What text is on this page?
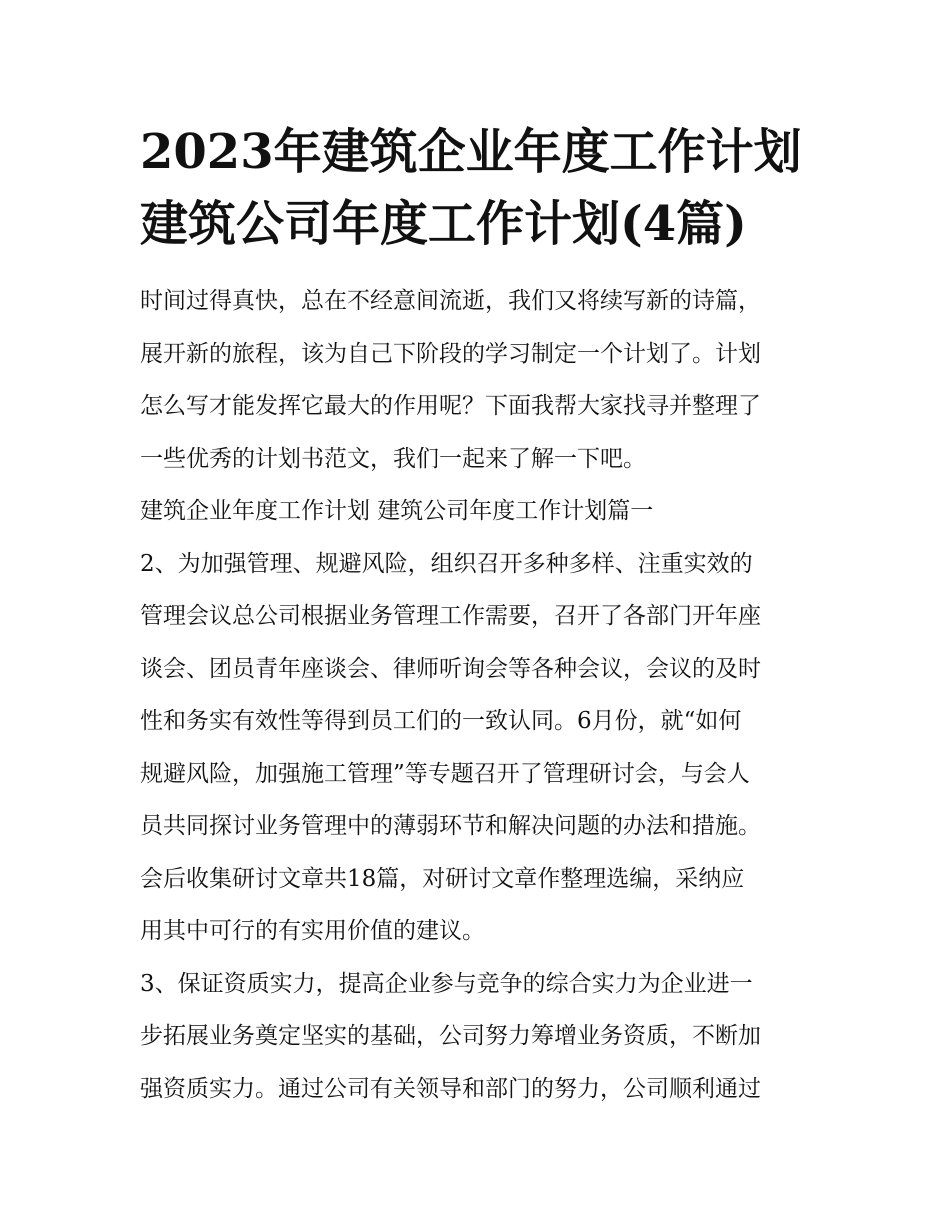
2023年建筑企业年度工作计划
建筑公司年度工作计划(4篇)

时间过得真快，总在不经意间流逝，我们又将续写新的诗篇，
展开新的旅程，该为自己下阶段的学习制定一个计划了。计划
怎么写才能发挥它最大的作用呢？下面我帮大家找寻并整理了
一些优秀的计划书范文，我们一起来了解一下吧。

建筑企业年度工作计划 建筑公司年度工作计划篇一

2、为加强管理、规避风险，组织召开多种多样、注重实效的
管理会议总公司根据业务管理工作需要，召开了各部门开年座
谈会、团员青年座谈会、律师听询会等各种会议，会议的及时
性和务实有效性等得到员工们的一致认同。6月份，就“如何
规避风险，加强施工管理”等专题召开了管理研讨会，与会人
员共同探讨业务管理中的薄弱环节和解决问题的办法和措施。
会后收集研讨文章共18篇，对研讨文章作整理选编，采纳应
用其中可行的有实用价值的建议。

3、保证资质实力，提高企业参与竞争的综合实力为企业进一
步拓展业务奠定坚实的基础，公司努力筹增业务资质，不断加
强资质实力。通过公司有关领导和部门的努力，公司顺利通过
